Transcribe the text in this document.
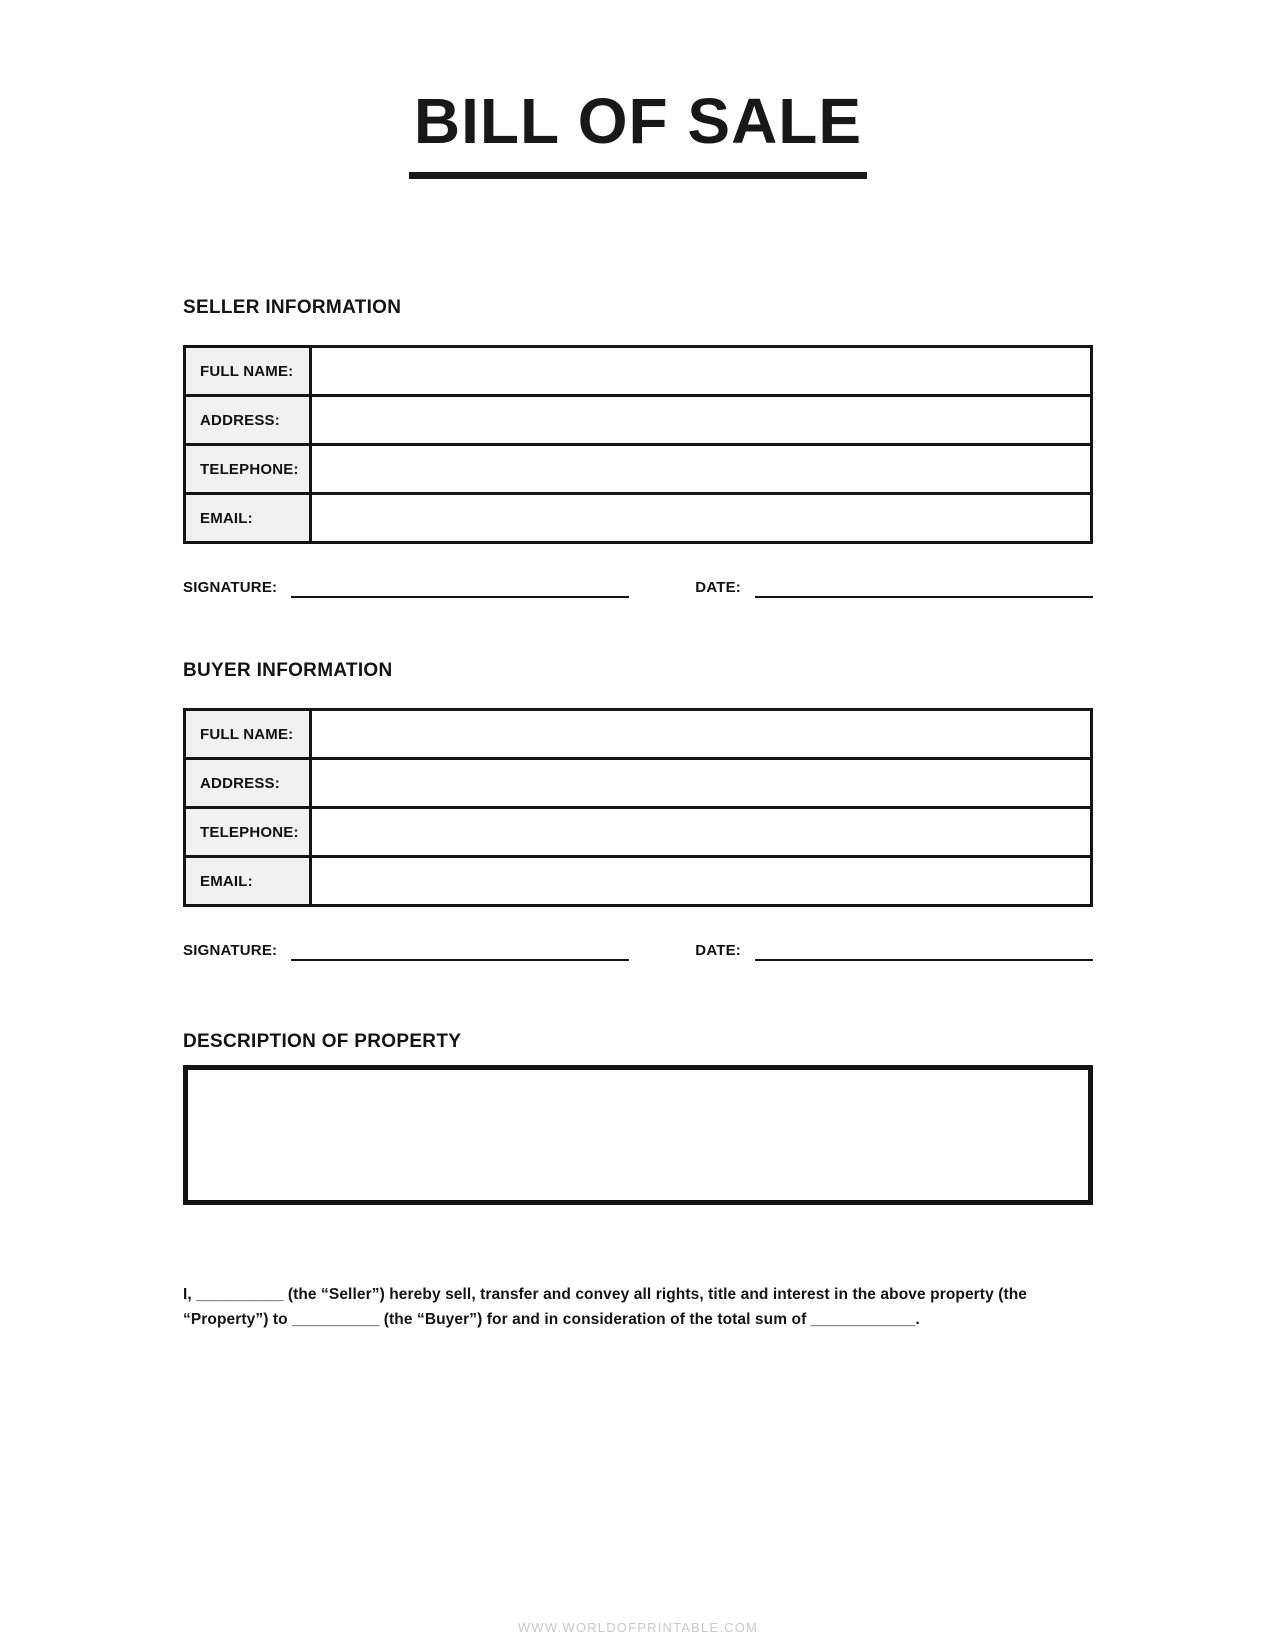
BILL OF SALE
SELLER INFORMATION
FULL NAME:	
ADDRESS:	
TELEPHONE:	
EMAIL:	
SIGNATURE:	DATE:
BUYER INFORMATION
FULL NAME:	
ADDRESS:	
TELEPHONE:	
EMAIL:	
SIGNATURE:	DATE:
DESCRIPTION OF PROPERTY

I, __________ (the “Seller”) hereby sell, transfer and convey all rights, title and interest in the above property (the “Property”) to __________ (the “Buyer”) for and in consideration of the total sum of ____________.

WWW.WORLDOFPRINTABLE.COM
